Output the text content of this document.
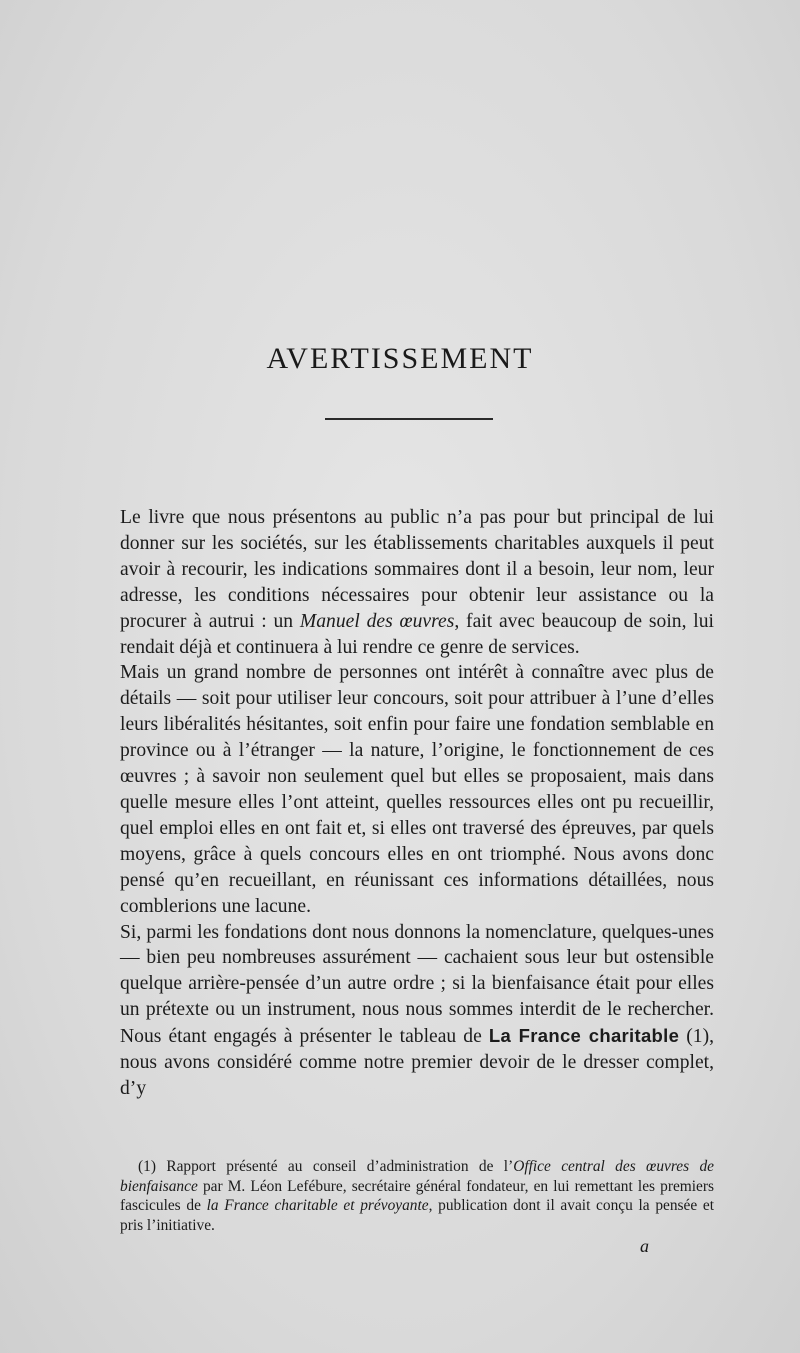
AVERTISSEMENT

Le livre que nous présentons au public n’a pas pour but principal de lui donner sur les sociétés, sur les établissements charitables auxquels il peut avoir à recourir, les indications sommaires dont il a besoin, leur nom, leur adresse, les conditions nécessaires pour obtenir leur assistance ou la procurer à autrui : un Manuel des œuvres, fait avec beaucoup de soin, lui rendait déjà et continuera à lui rendre ce genre de services.

Mais un grand nombre de personnes ont intérêt à connaître avec plus de détails — soit pour utiliser leur concours, soit pour attribuer à l’une d’elles leurs libéralités hésitantes, soit enfin pour faire une fondation semblable en province ou à l’étranger — la nature, l’origine, le fonctionnement de ces œuvres ; à savoir non seulement quel but elles se proposaient, mais dans quelle mesure elles l’ont atteint, quelles ressources elles ont pu recueillir, quel emploi elles en ont fait et, si elles ont traversé des épreuves, par quels moyens, grâce à quels concours elles en ont triomphé. Nous avons donc pensé qu’en recueillant, en réunissant ces informations détaillées, nous comblerions une lacune.

Si, parmi les fondations dont nous donnons la nomenclature, quelques-unes — bien peu nombreuses assurément — cachaient sous leur but ostensible quelque arrière-pensée d’un autre ordre ; si la bienfaisance était pour elles un prétexte ou un instrument, nous nous sommes interdit de le rechercher. Nous étant engagés à présenter le tableau de La France charitable (1), nous avons considéré comme notre premier devoir de le dresser complet, d’y

(1) Rapport présenté au conseil d’administration de l’Office central des œuvres de bienfaisance par M. Léon Lefébure, secrétaire général fondateur, en lui remettant les premiers fascicules de la France charitable et prévoyante, publication dont il avait conçu la pensée et pris l’initiative.

a
